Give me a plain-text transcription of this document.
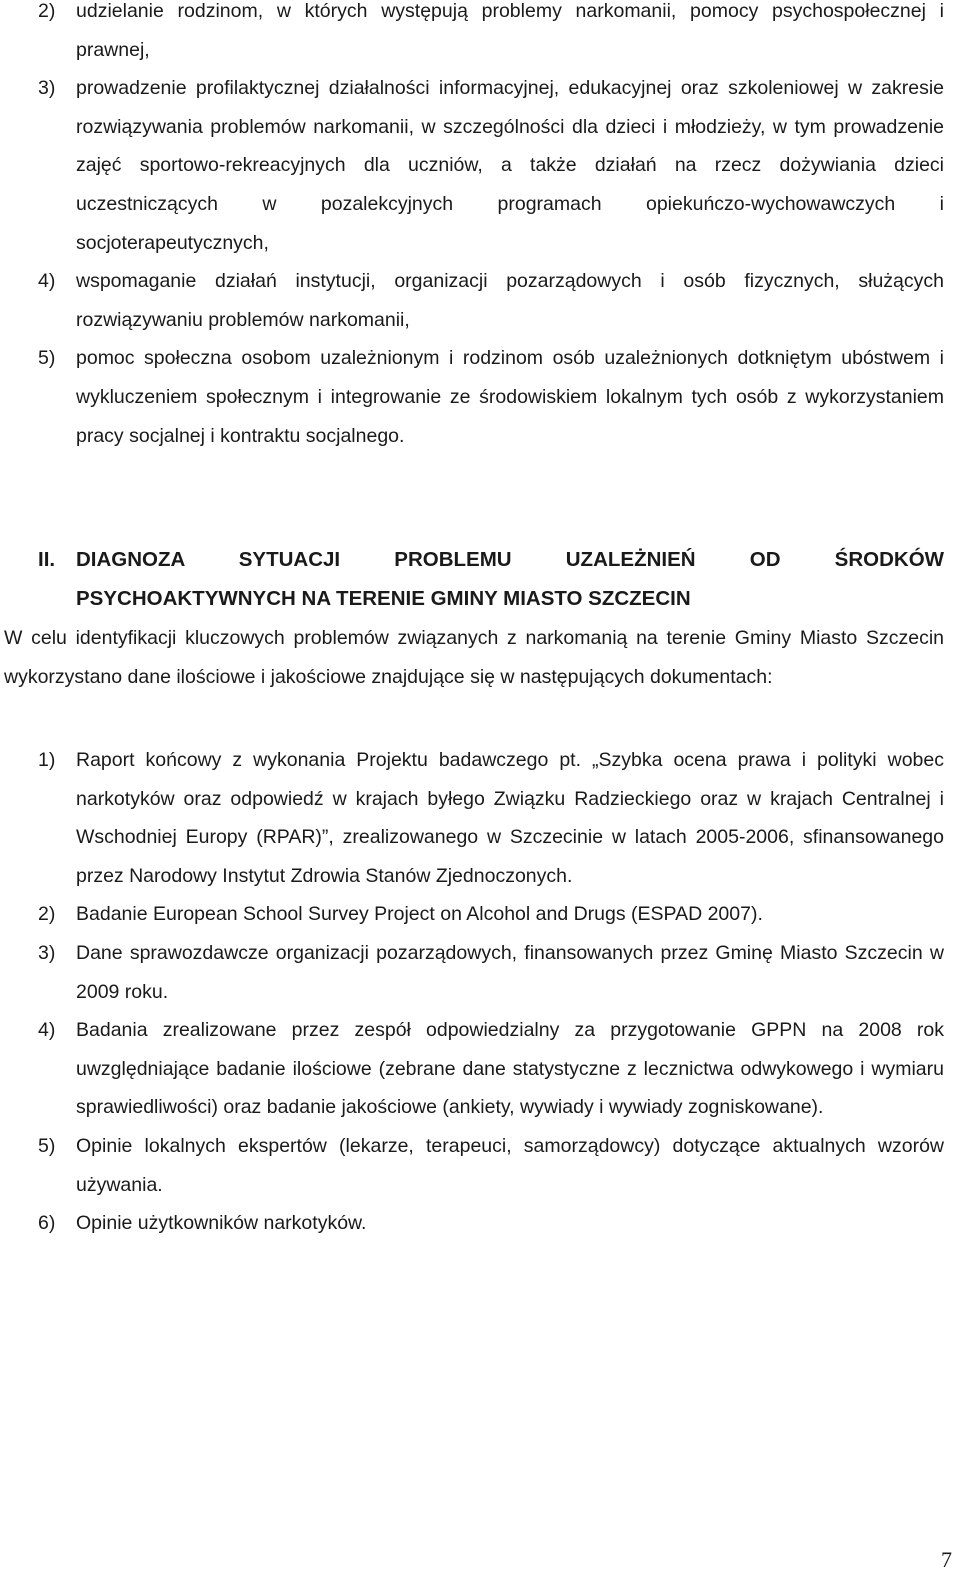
2) udzielanie rodzinom, w których występują problemy narkomanii, pomocy psychospołecznej i prawnej,
3) prowadzenie profilaktycznej działalności informacyjnej, edukacyjnej oraz szkoleniowej w zakresie rozwiązywania problemów narkomanii, w szczególności dla dzieci i młodzieży, w tym prowadzenie zajęć sportowo-rekreacyjnych dla uczniów, a także działań na rzecz dożywiania dzieci uczestniczących w pozalekcyjnych programach opiekuńczo-wychowawczych i socjoterapeutycznych,
4) wspomaganie działań instytucji, organizacji pozarządowych i osób fizycznych, służących rozwiązywaniu problemów narkomanii,
5) pomoc społeczna osobom uzależnionym i rodzinom osób uzależnionych dotkniętym ubóstwem i wykluczeniem społecznym i integrowanie ze środowiskiem lokalnym tych osób z wykorzystaniem pracy socjalnej i kontraktu socjalnego.
II. DIAGNOZA SYTUACJI PROBLEMU UZALEŻNIEŃ OD ŚRODKÓW
PSYCHOAKTYWNYCH NA TERENIE GMINY MIASTO SZCZECIN

W celu identyfikacji kluczowych problemów związanych z narkomanią na terenie Gminy Miasto Szczecin wykorzystano dane ilościowe i jakościowe znajdujące się w następujących dokumentach:

1) Raport końcowy z wykonania Projektu badawczego pt. „Szybka ocena prawa i polityki wobec narkotyków oraz odpowiedź w krajach byłego Związku Radzieckiego oraz w krajach Centralnej i Wschodniej Europy (RPAR)”, zrealizowanego w Szczecinie w latach 2005-2006, sfinansowanego przez Narodowy Instytut Zdrowia Stanów Zjednoczonych.
2) Badanie European School Survey Project on Alcohol and Drugs (ESPAD 2007).
3) Dane sprawozdawcze organizacji pozarządowych, finansowanych przez Gminę Miasto Szczecin w 2009 roku.
4) Badania zrealizowane przez zespół odpowiedzialny za przygotowanie GPPN na 2008 rok uwzględniające badanie ilościowe (zebrane dane statystyczne z lecznictwa odwykowego i wymiaru sprawiedliwości) oraz badanie jakościowe (ankiety, wywiady i wywiady zogniskowane).
5) Opinie lokalnych ekspertów (lekarze, terapeuci, samorządowcy) dotyczące aktualnych wzorów używania.
6) Opinie użytkowników narkotyków.
7
